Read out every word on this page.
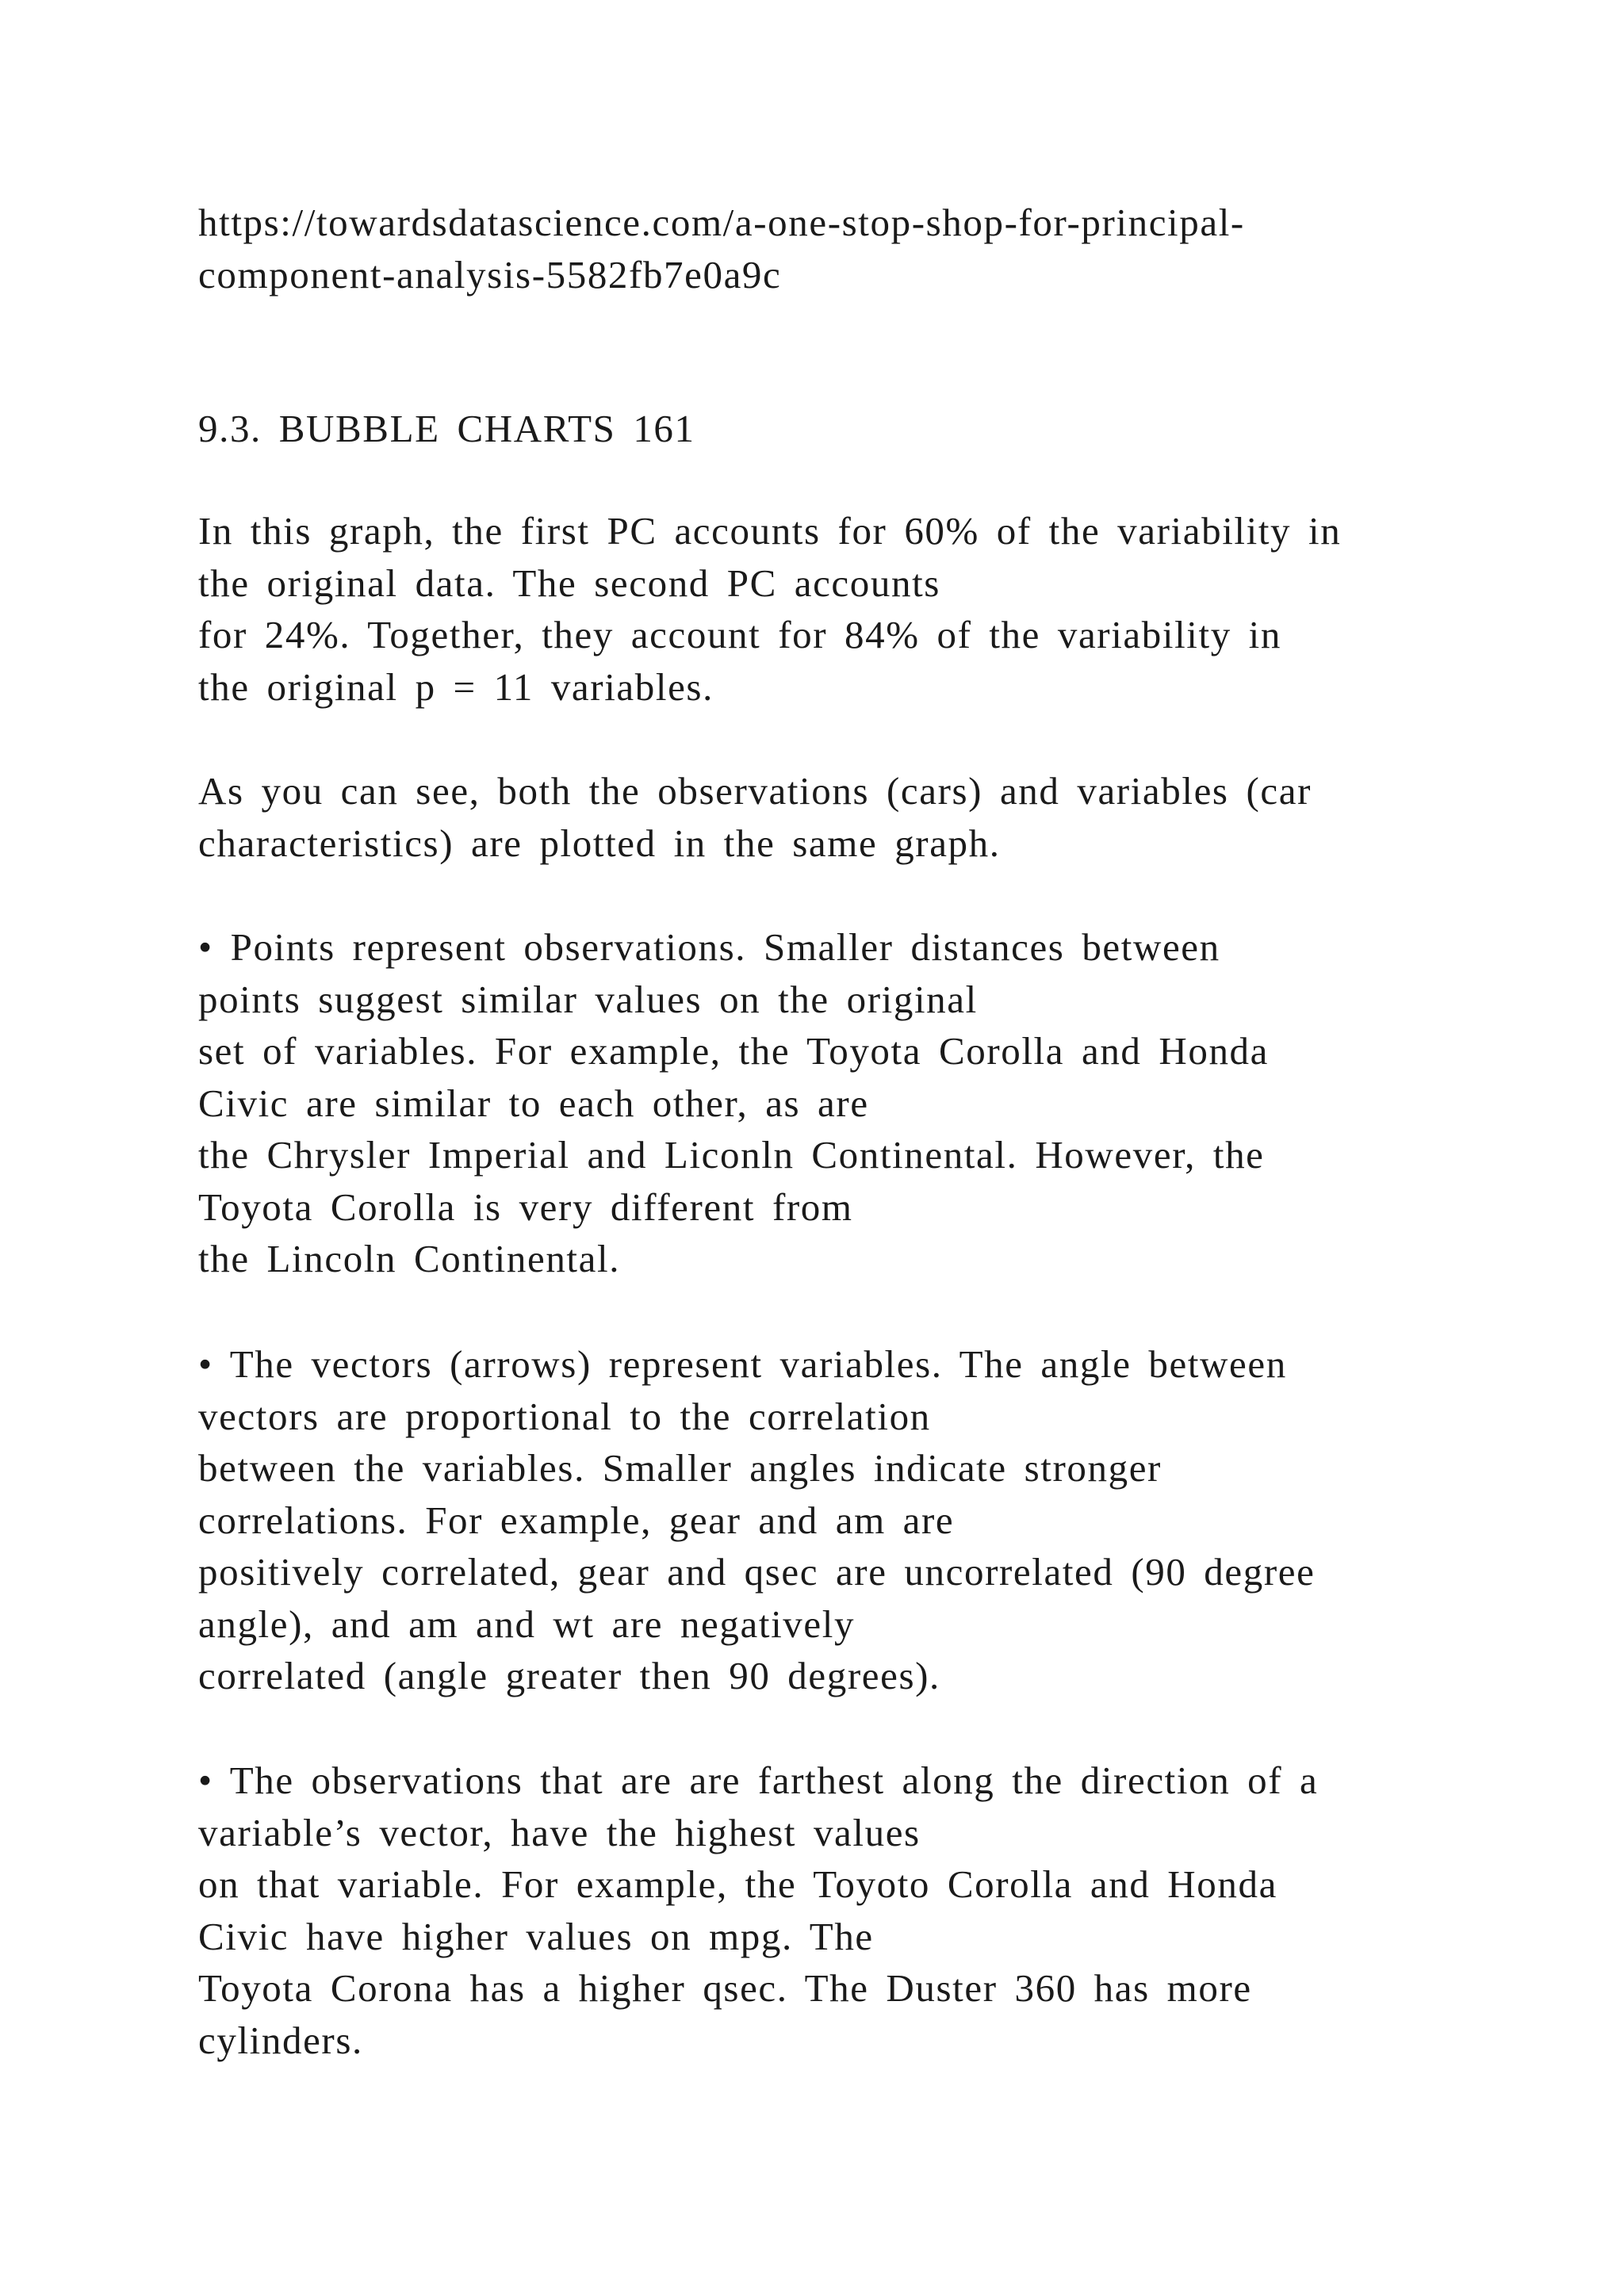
https://towardsdatascience.com/a-one-stop-shop-for-principal-
component-analysis-5582fb7e0a9c
9.3. BUBBLE CHARTS 161
In this graph, the first PC accounts for 60% of the variability in
the original data. The second PC accounts
for 24%. Together, they account for 84% of the variability in
the original p = 11 variables.
As you can see, both the observations (cars) and variables (car
characteristics) are plotted in the same graph.
• Points represent observations. Smaller distances between
points suggest similar values on the original
set of variables. For example, the Toyota Corolla and Honda
Civic are similar to each other, as are
the Chrysler Imperial and Liconln Continental. However, the
Toyota Corolla is very different from
the Lincoln Continental.
• The vectors (arrows) represent variables. The angle between
vectors are proportional to the correlation
between the variables. Smaller angles indicate stronger
correlations. For example, gear and am are
positively correlated, gear and qsec are uncorrelated (90 degree
angle), and am and wt are negatively
correlated (angle greater then 90 degrees).
• The observations that are are farthest along the direction of a
variable’s vector, have the highest values
on that variable. For example, the Toyoto Corolla and Honda
Civic have higher values on mpg. The
Toyota Corona has a higher qsec. The Duster 360 has more
cylinders.
